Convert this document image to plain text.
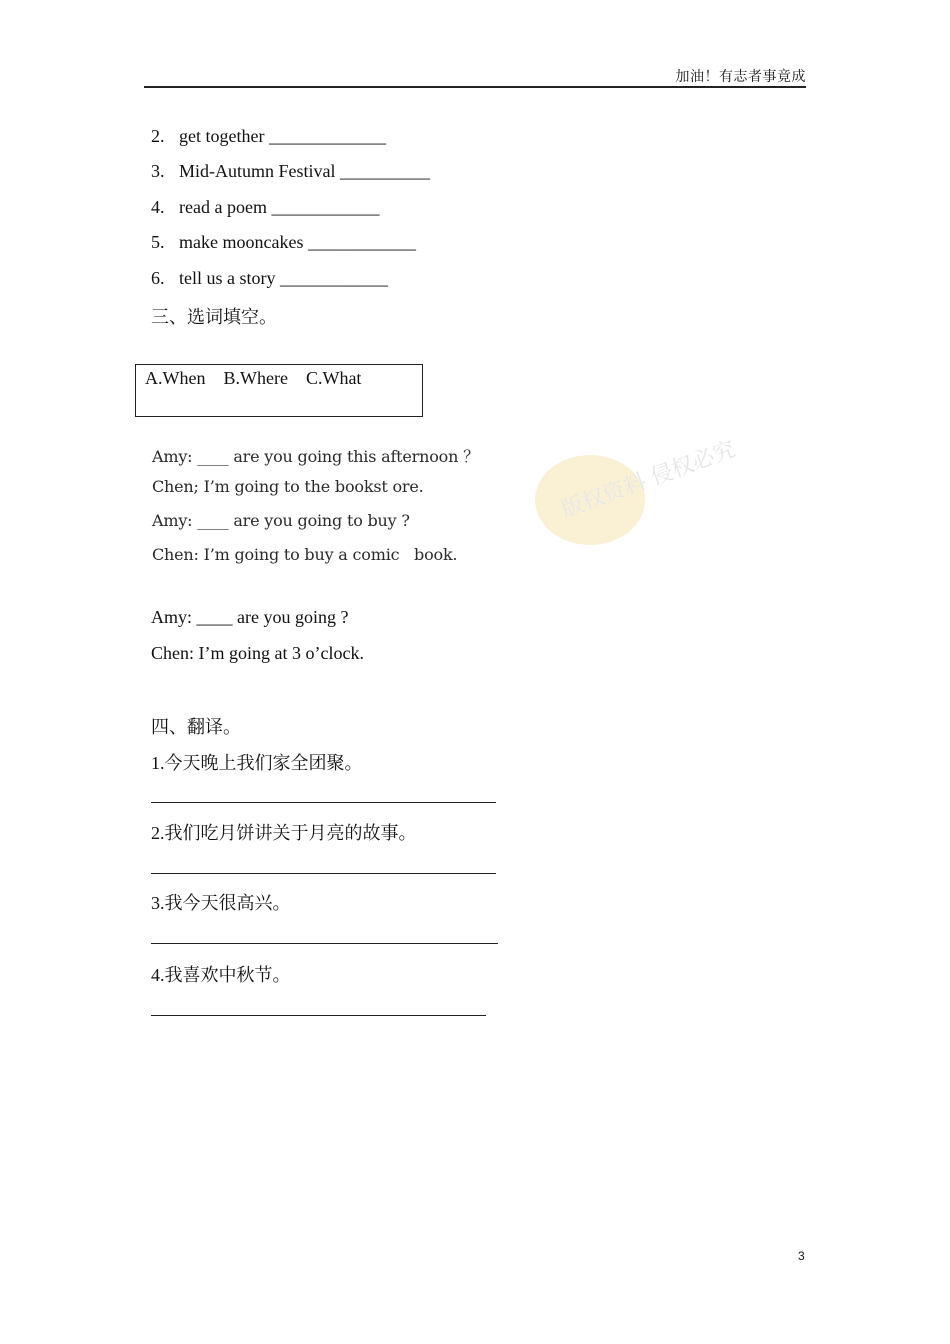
加油！有志者事竟成
2. get together _____________
3. Mid-Autumn Festival __________
4. read a poem ____________
5. make mooncakes ____________
6. tell us a story ____________
三、选词填空。
A.When    B.Where    C.What
版权资料 侵权必究
Amy: ____ are you going this afternoon ？
Chen; I’m going to the bookst ore.
Amy: ____ are you going to buy ?
Chen: I’m going to buy a comic   book.
Amy: ____ are you going ?
Chen: I’m going at 3 o’clock.
四、翻译。
1.今天晚上我们家全团聚。
2.我们吃月饼讲关于月亮的故事。
3.我今天很高兴。
4.我喜欢中秋节。
3
